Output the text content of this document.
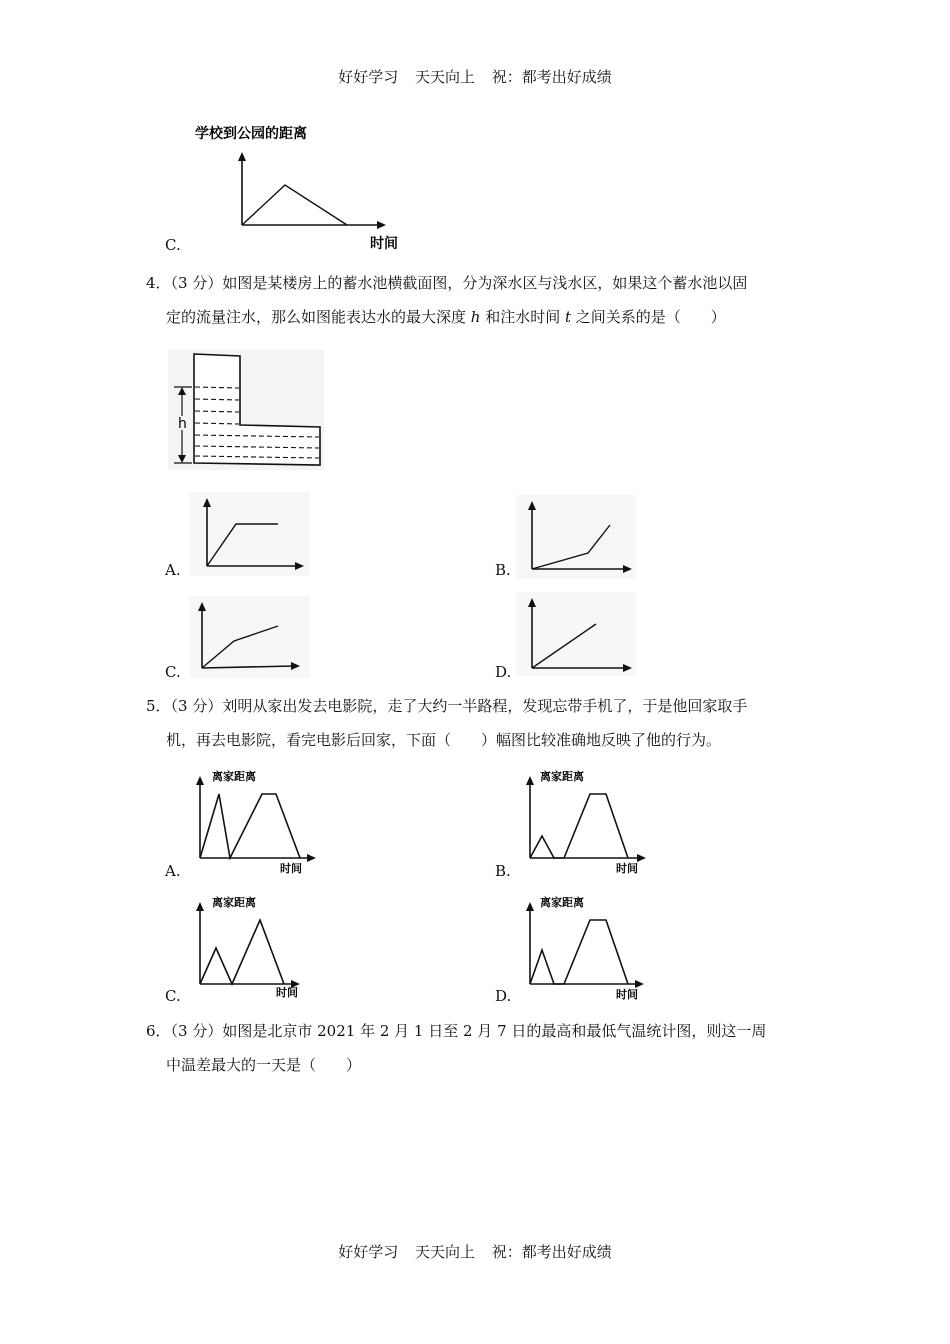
好好学习 天天向上 祝：都考出好成绩
C.
学校到公园的距离
时间
4．（3 分）如图是某楼房上的蓄水池横截面图，分为深水区与浅水区，如果这个蓄水池以固
定的流量注水，那么如图能表达水的最大深度 h 和注水时间 t 之间关系的是（　　）
h
A.	B.
C.	D.
5．（3 分）刘明从家出发去电影院，走了大约一半路程，发现忘带手机了，于是他回家取手
机，再去电影院，看完电影后回家，下面（　　）幅图比较准确地反映了他的行为。
A.
离家距离
时间	B.
离家距离
时间
C.
离家距离
时间	D.
离家距离
时间
6．（3 分）如图是北京市 2021 年 2 月 1 日至 2 月 7 日的最高和最低气温统计图，则这一周
中温差最大的一天是（　　）
好好学习 天天向上 祝：都考出好成绩
